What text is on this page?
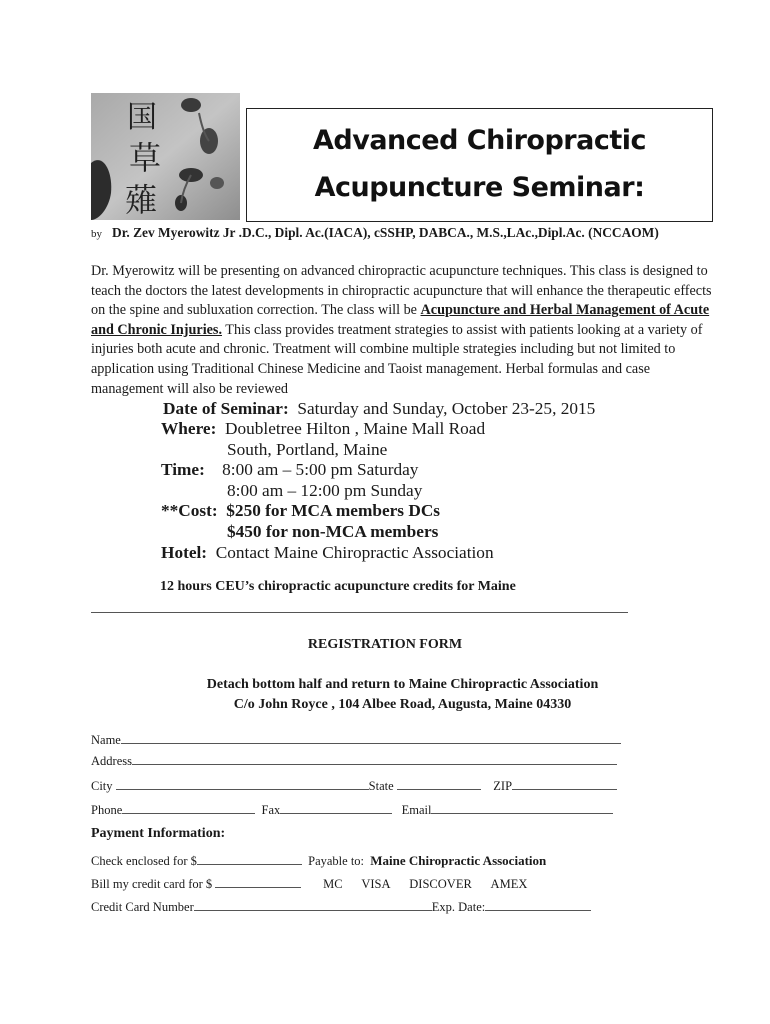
国
草
薙
Advanced Chiropractic
Acupuncture Seminar:
by Dr. Zev Myerowitz Jr .D.C., Dipl. Ac.(IACA), cSSHP, DABCA., M.S.,LAc.,Dipl.Ac. (NCCAOM)
Dr. Myerowitz will be presenting on advanced chiropractic acupuncture techniques. This class is designed to teach the doctors the latest developments in chiropractic acupuncture that will enhance the therapeutic effects on the spine and subluxation correction. The class will be Acupuncture and Herbal Management of Acute and Chronic Injuries. This class provides treatment strategies to assist with patients looking at a variety of injuries both acute and chronic. Treatment will combine multiple strategies including but not limited to application using Traditional Chinese Medicine and Taoist management. Herbal formulas and case management will also be reviewed
Date of Seminar: Saturday and Sunday, October 23-25, 2015
Where: Doubletree Hilton , Maine Mall Road
South, Portland, Maine
Time: 8:00 am – 5:00 pm Saturday
8:00 am – 12:00 pm Sunday
**Cost: $250 for MCA members DCs
$450 for non-MCA members
Hotel: Contact Maine Chiropractic Association
12 hours CEU’s chiropractic acupuncture credits for Maine
REGISTRATION FORM
Detach bottom half and return to Maine Chiropractic Association
C/o John Royce , 104 Albee Road, Augusta, Maine 04330
Name
Address
City	State	ZIP
Phone	Fax	Email
Payment Information:
Check enclosed for $	Payable to: Maine Chiropractic Association
Bill my credit card for $	MC VISA DISCOVER AMEX
Credit Card Number	Exp. Date:
